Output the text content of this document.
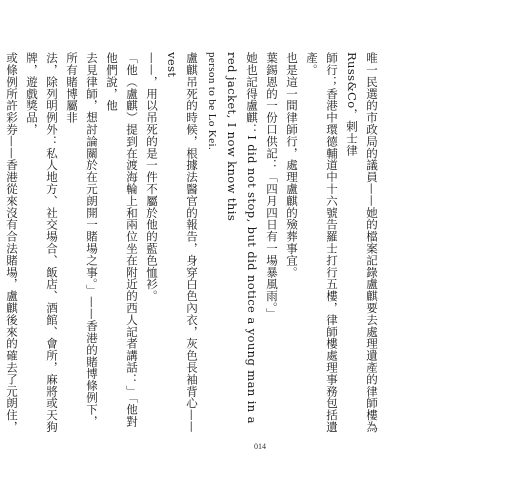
唯一民選的市政局的議員——她的檔案記錄盧麒要去處理遺產的律師樓為Russ&Co，剌士律
師行；香港中環德輔道中十六號告羅士打行五樓，律師樓處理事務包括遺產。
也是這一間律師行，處理盧麒的殮葬事宜。
葉錫恩的一份口供記：「四月四日有一場暴風雨。」
她也記得盧麒：I did not stop, but did notice a young man in a red jacket, I now know this
person to be Lo Kei.
盧麒吊死的時候，根據法醫官的報告，身穿白色內衣，灰色長袖背心——vest
——，用以吊死的是一件不屬於他的藍色恤衫。
「他（盧麒）提到在渡海輪上和兩位坐在附近的西人記者講話：」「他對他們說，他
去見律師，想討論關於在元朗開一賭場之事。」——香港的賭博條例下，所有賭博屬非
法，除列明例外：私人地方、社交場合、飯店、酒館、會所，麻將或天狗牌，遊戲獎品，
或條例所許彩券——香港從來沒有合法賭場，盧麒後來的確去了元朗住，
014
